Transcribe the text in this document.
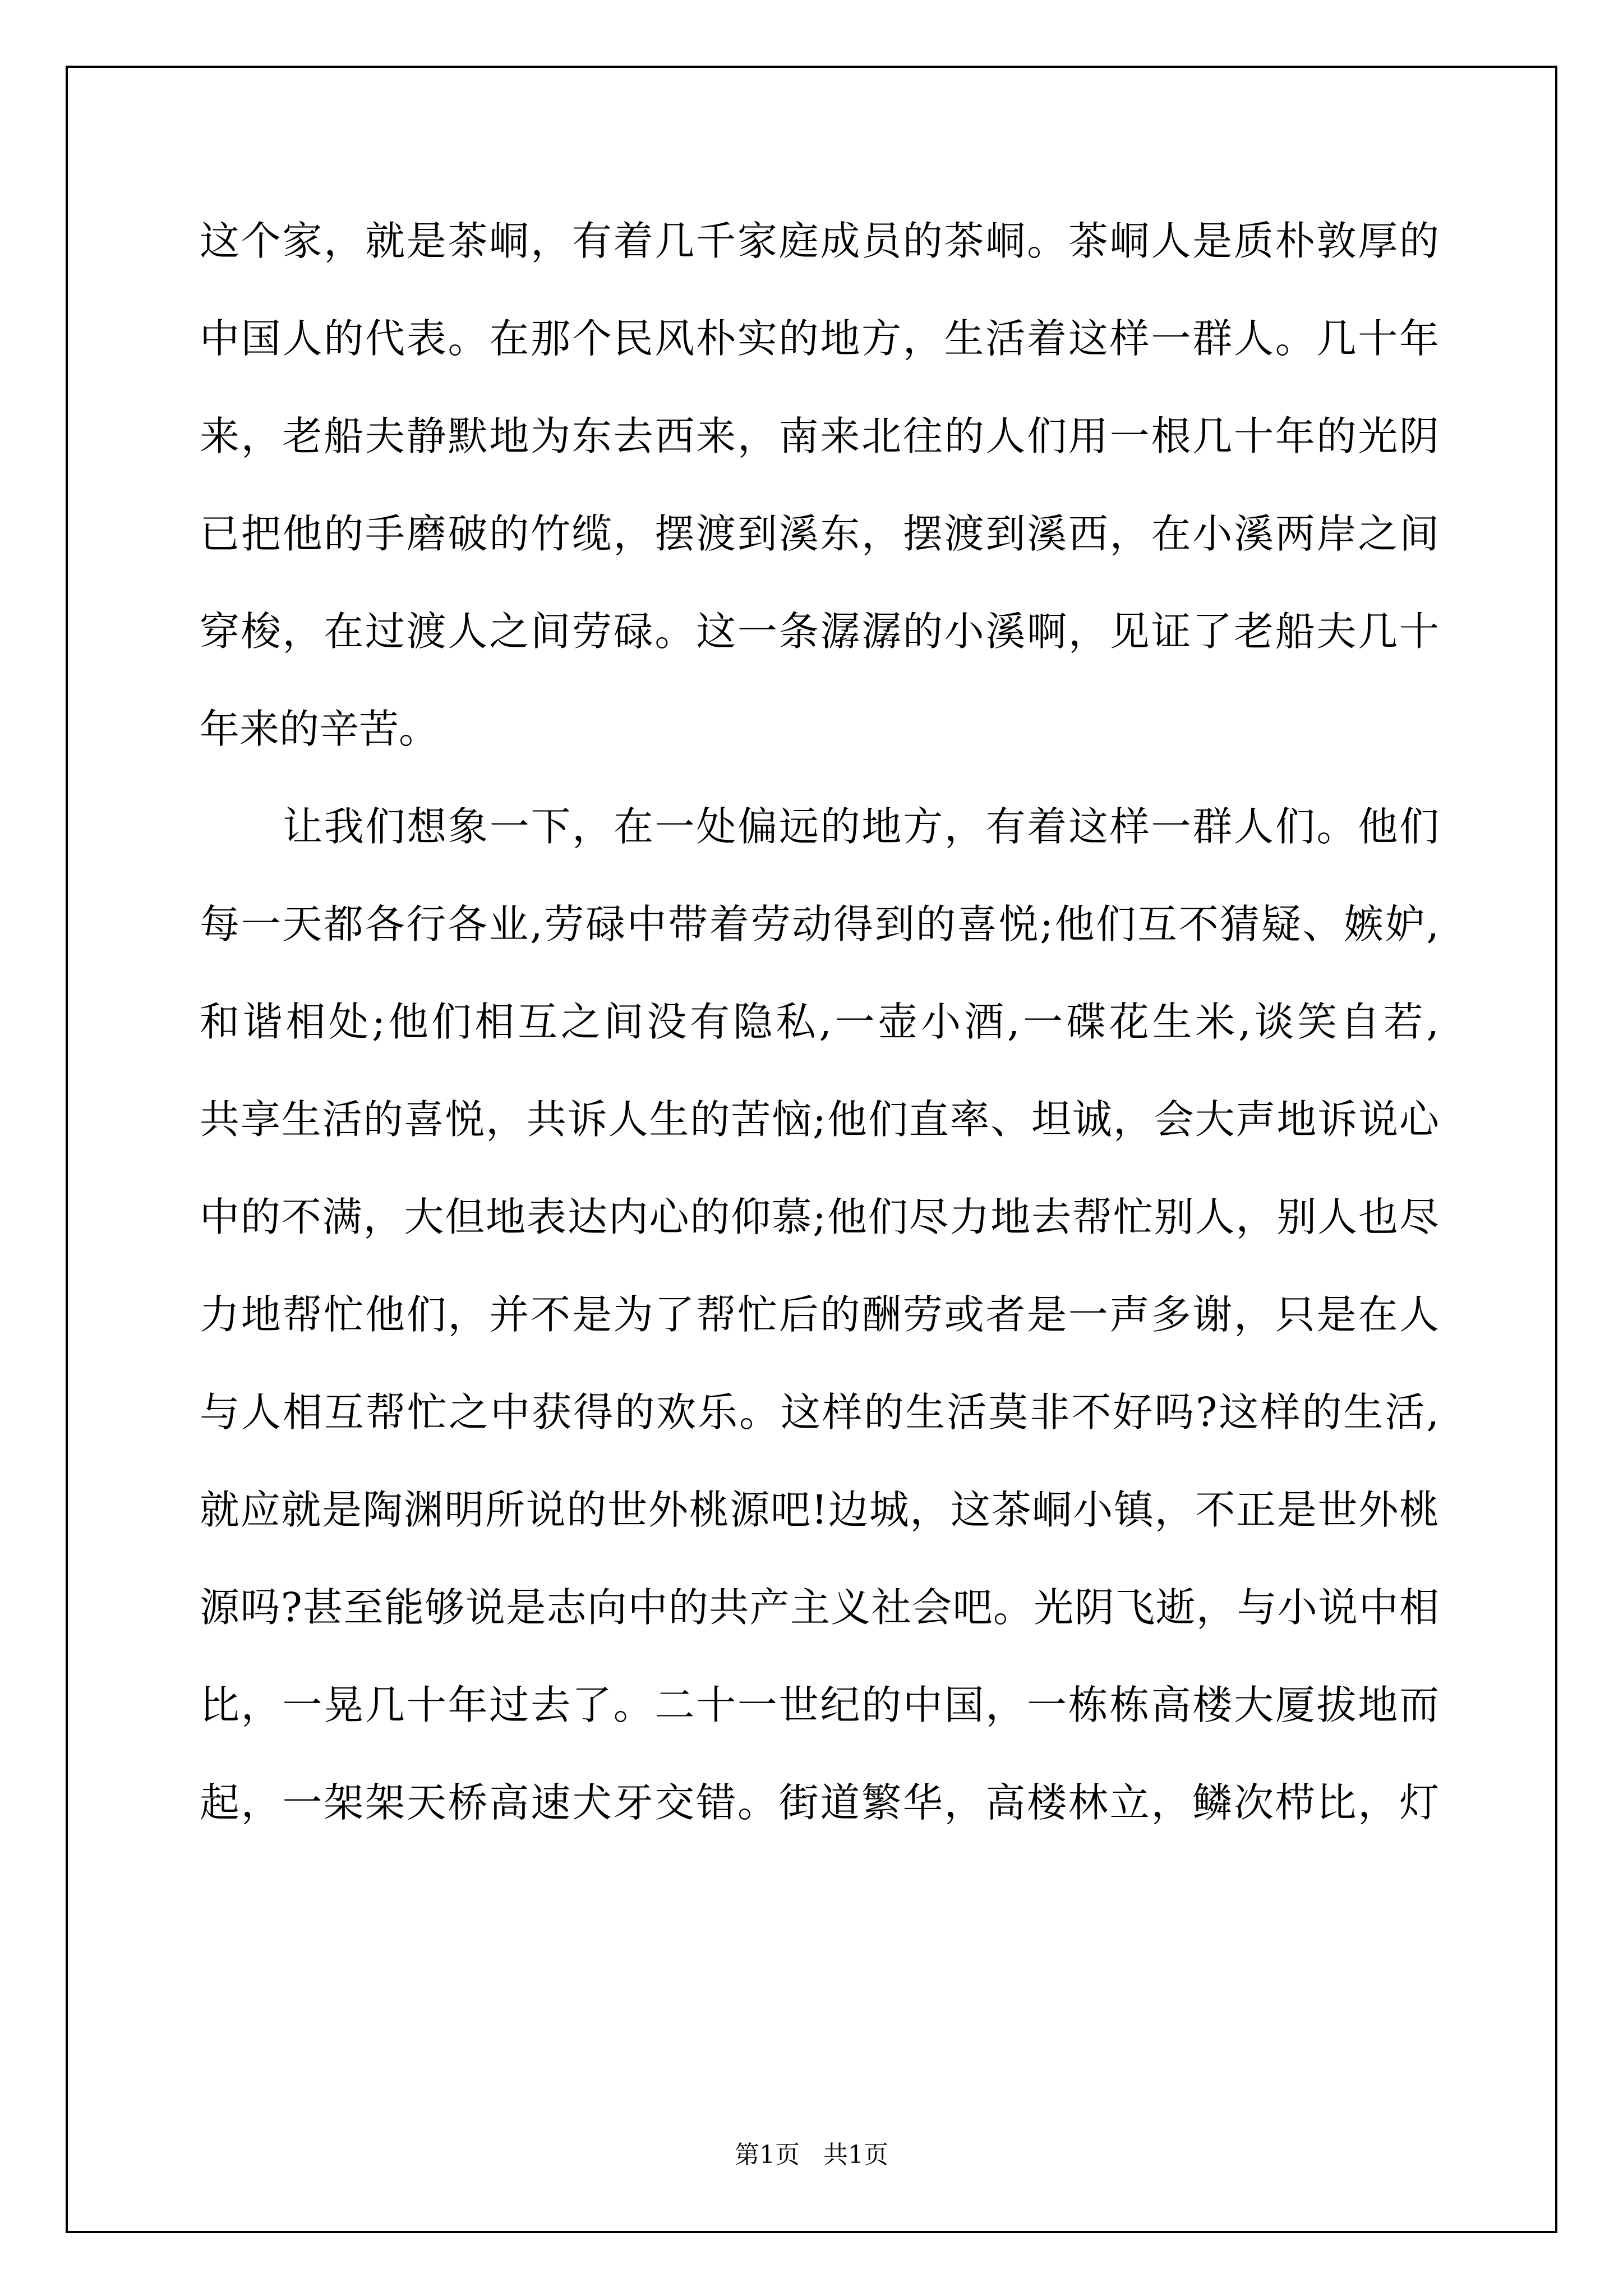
这个家，就是茶峒，有着几千家庭成员的茶峒。茶峒人是质朴敦厚的
中国人的代表。在那个民风朴实的地方，生活着这样一群人。几十年
来，老船夫静默地为东去西来，南来北往的人们用一根几十年的光阴
已把他的手磨破的竹缆，摆渡到溪东，摆渡到溪西，在小溪两岸之间
穿梭，在过渡人之间劳碌。这一条潺潺的小溪啊，见证了老船夫几十
年来的辛苦。
让我们想象一下，在一处偏远的地方，有着这样一群人们。他们
每一天都各行各业,劳碌中带着劳动得到的喜悦;他们互不猜疑、嫉妒,
和谐相处;他们相互之间没有隐私,一壶小酒,一碟花生米,谈笑自若,
共享生活的喜悦，共诉人生的苦恼;他们直率、坦诚，会大声地诉说心
中的不满，大但地表达内心的仰慕;他们尽力地去帮忙别人，别人也尽
力地帮忙他们，并不是为了帮忙后的酬劳或者是一声多谢，只是在人
与人相互帮忙之中获得的欢乐。这样的生活莫非不好吗?这样的生活,
就应就是陶渊明所说的世外桃源吧!边城，这茶峒小镇，不正是世外桃
源吗?甚至能够说是志向中的共产主义社会吧。光阴飞逝，与小说中相
比，一晃几十年过去了。二十一世纪的中国，一栋栋高楼大厦拔地而
起，一架架天桥高速犬牙交错。街道繁华，高楼林立，鳞次栉比，灯
第1页   共1页
